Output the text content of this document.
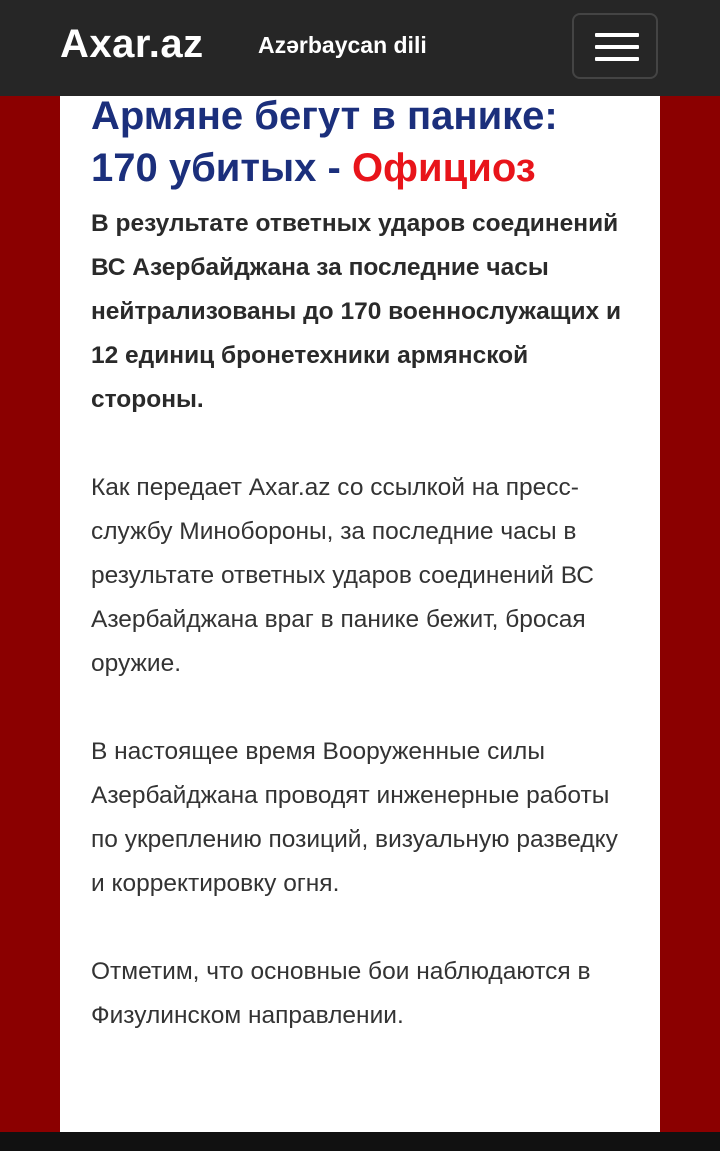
Axar.az Azərbaycan dili
Армяне бегут в панике: 170 убитых - Официоз

В результате ответных ударов соединений ВС Азербайджана за последние часы нейтрализованы до 170 военнослужащих и 12 единиц бронетехники армянской стороны.

Как передает Axar.az со ссылкой на пресс-службу Минобороны, за последние часы в результате ответных ударов соединений ВС Азербайджана враг в панике бежит, бросая оружие.

В настоящее время Вооруженные силы Азербайджана проводят инженерные работы по укреплению позиций, визуальную разведку и корректировку огня.

Отметим, что основные бои наблюдаются в Физулинском направлении.
